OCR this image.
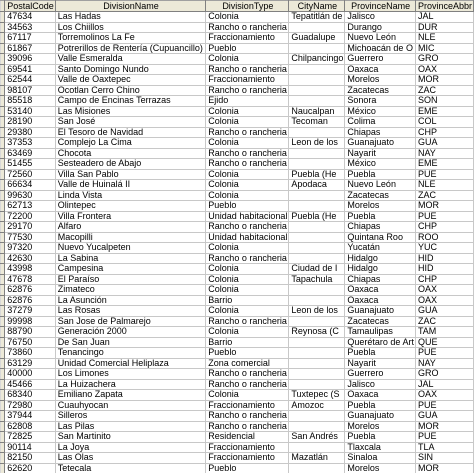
	PostalCode	DivisionName	DivisionType	CityName	ProvinceName	ProvinceAbbr
	47634	Las Hadas	Colonia	Tepatitlán de	Jalisco	JAL
	34563	Los Chiillos	Rancho o rancheria		Durango	DUR
	67117	Torremolinos La Fe	Fraccionamiento	Guadalupe	Nuevo León	NLE
	61867	Potrerillos de Rentería (Cupuancillo)	Pueblo		Michoacán de O	MIC
	39096	Valle Esmeralda	Colonia	Chilpancingo	Guerrero	GRO
	69541	Santo Domingo Nundo	Rancho o rancheria		Oaxaca	OAX
	62544	Valle de Oaxtepec	Fraccionamiento		Morelos	MOR
	98107	Ocotlan Cerro Chino	Rancho o rancheria		Zacatecas	ZAC
	85518	Campo de Encinas Terrazas	Ejido		Sonora	SON
	53140	Las Misiones	Colonia	Naucalpan	México	EME
	28190	San José	Colonia	Tecoman	Colima	COL
	29380	El Tesoro de Navidad	Rancho o rancheria		Chiapas	CHP
	37353	Complejo La Cima	Colonia	Leon de los	Guanajuato	GUA
	63469	Chocota	Rancho o rancheria		Nayarit	NAY
	51455	Sesteadero de Abajo	Rancho o rancheria		México	EME
	72560	Villa San Pablo	Colonia	Puebla (He	Puebla	PUE
	66634	Valle de Huinalá II	Colonia	Apodaca	Nuevo León	NLE
	99630	Linda Vista	Colonia		Zacatecas	ZAC
	62713	Olintepec	Pueblo		Morelos	MOR
	72200	Villa Frontera	Unidad habitacional	Puebla (He	Puebla	PUE
	29170	Alfaro	Rancho o rancheria		Chiapas	CHP
	77530	Macopilli	Unidad habitacional		Quintana Roo	ROO
	97320	Nuevo Yucalpeten	Colonia		Yucatán	YUC
	42630	La Sabina	Rancho o rancheria		Hidalgo	HID
	43998	Campesina	Colonia	Ciudad de I	Hidalgo	HID
	47678	El Paraíso	Colonia	Tapachula	Chiapas	CHP
	62876	Zimateco	Colonia		Oaxaca	OAX
	62876	La Asunción	Barrio		Oaxaca	OAX
	37279	Las Rosas	Colonia	Leon de los	Guanajuato	GUA
	99998	San Jose de Palmarejo	Rancho o rancheria		Zacatecas	ZAC
	88790	Generación 2000	Colonia	Reynosa (C	Tamaulipas	TAM
	76750	De San Juan	Barrio		Querétaro de Art	QUE
	73860	Tenancingo	Pueblo		Puebla	PUE
	63129	Unidad Comercial Heliplaza	Zona comercial		Nayarit	NAY
	40000	Los Limones	Rancho o rancheria		Guerrero	GRO
	45466	La Huizachera	Rancho o rancheria		Jalisco	JAL
	68340	Emiliano Zapata	Colonia	Tuxtepec (S	Oaxaca	OAX
	72980	Cuauhyocan	Fraccionamiento	Amozoc	Puebla	PUE
	37944	Silleros	Rancho o rancheria		Guanajuato	GUA
	62808	Las Pilas	Rancho o rancheria		Morelos	MOR
	72825	San Martinito	Residencial	San Andrés	Puebla	PUE
	90114	La Joya	Fraccionamiento		Tlaxcala	TLA
	82150	Las Olas	Fraccionamiento	Mazatlán	Sinaloa	SIN
	62620	Tetecala	Pueblo		Morelos	MOR
